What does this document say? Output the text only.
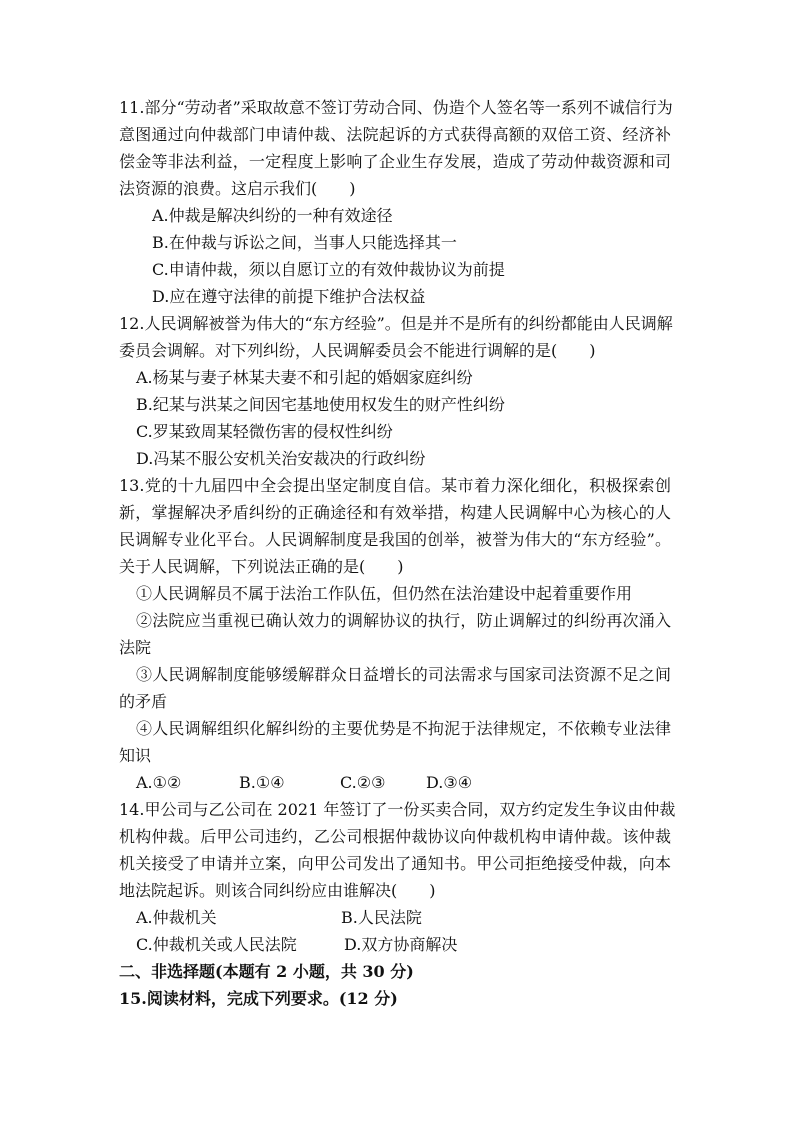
11.部分“劳动者”采取故意不签订劳动合同、伪造个人签名等一系列不诚信行为
意图通过向仲裁部门申请仲裁、法院起诉的方式获得高额的双倍工资、经济补
偿金等非法利益，一定程度上影响了企业生存发展，造成了劳动仲裁资源和司
法资源的浪费。这启示我们(　　)
A.仲裁是解决纠纷的一种有效途径
B.在仲裁与诉讼之间，当事人只能选择其一
C.申请仲裁，须以自愿订立的有效仲裁协议为前提
D.应在遵守法律的前提下维护合法权益
12.人民调解被誉为伟大的“东方经验”。但是并不是所有的纠纷都能由人民调解
委员会调解。对下列纠纷，人民调解委员会不能进行调解的是(　　)
A.杨某与妻子林某夫妻不和引起的婚姻家庭纠纷
B.纪某与洪某之间因宅基地使用权发生的财产性纠纷
C.罗某致周某轻微伤害的侵权性纠纷
D.冯某不服公安机关治安裁决的行政纠纷
13.党的十九届四中全会提出坚定制度自信。某市着力深化细化，积极探索创
新，掌握解决矛盾纠纷的正确途径和有效举措，构建人民调解中心为核心的人
民调解专业化平台。人民调解制度是我国的创举，被誉为伟大的“东方经验”。
关于人民调解，下列说法正确的是(　　)
①人民调解员不属于法治工作队伍，但仍然在法治建设中起着重要作用
②法院应当重视已确认效力的调解协议的执行，防止调解过的纠纷再次涌入
法院
③人民调解制度能够缓解群众日益增长的司法需求与国家司法资源不足之间
的矛盾
④人民调解组织化解纠纷的主要优势是不拘泥于法律规定，不依赖专业法律
知识
A.①②	B.①④	C.②③	D.③④
14.甲公司与乙公司在 2021 年签订了一份买卖合同，双方约定发生争议由仲裁
机构仲裁。后甲公司违约，乙公司根据仲裁协议向仲裁机构申请仲裁。该仲裁
机关接受了申请并立案，向甲公司发出了通知书。甲公司拒绝接受仲裁，向本
地法院起诉。则该合同纠纷应由谁解决(　　)
A.仲裁机关	B.人民法院
C.仲裁机关或人民法院	D.双方协商解决
二、非选择题(本题有 2 小题，共 30 分)
15.阅读材料，完成下列要求。(12 分)
